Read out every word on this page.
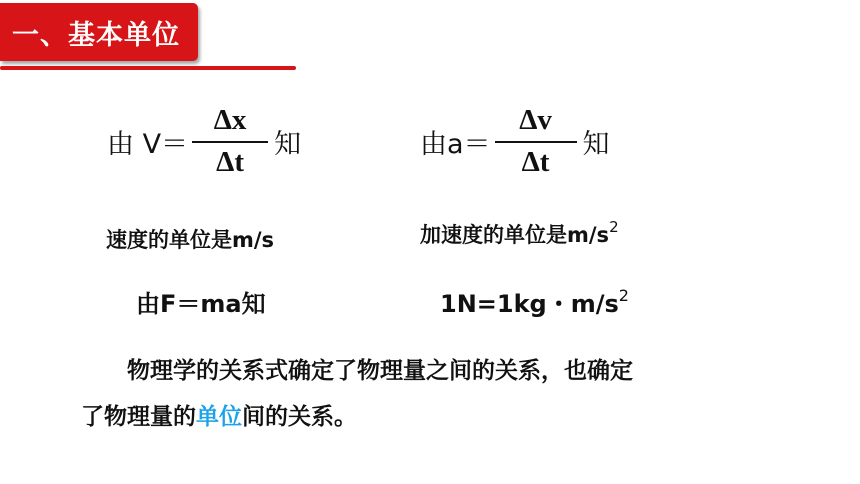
一、基本单位
由 $V= \frac{\Delta x}{\Delta t}$ 知	由$a= \frac{\Delta v}{\Delta t}$ 知
速度的单位是m/s	加速度的单位是$m/s^2$
由F＝ma知	1N=1kg・$m/s^2$
物理学的关系式确定了物理量之间的关系，也确定
了物理量的单位间的关系。
